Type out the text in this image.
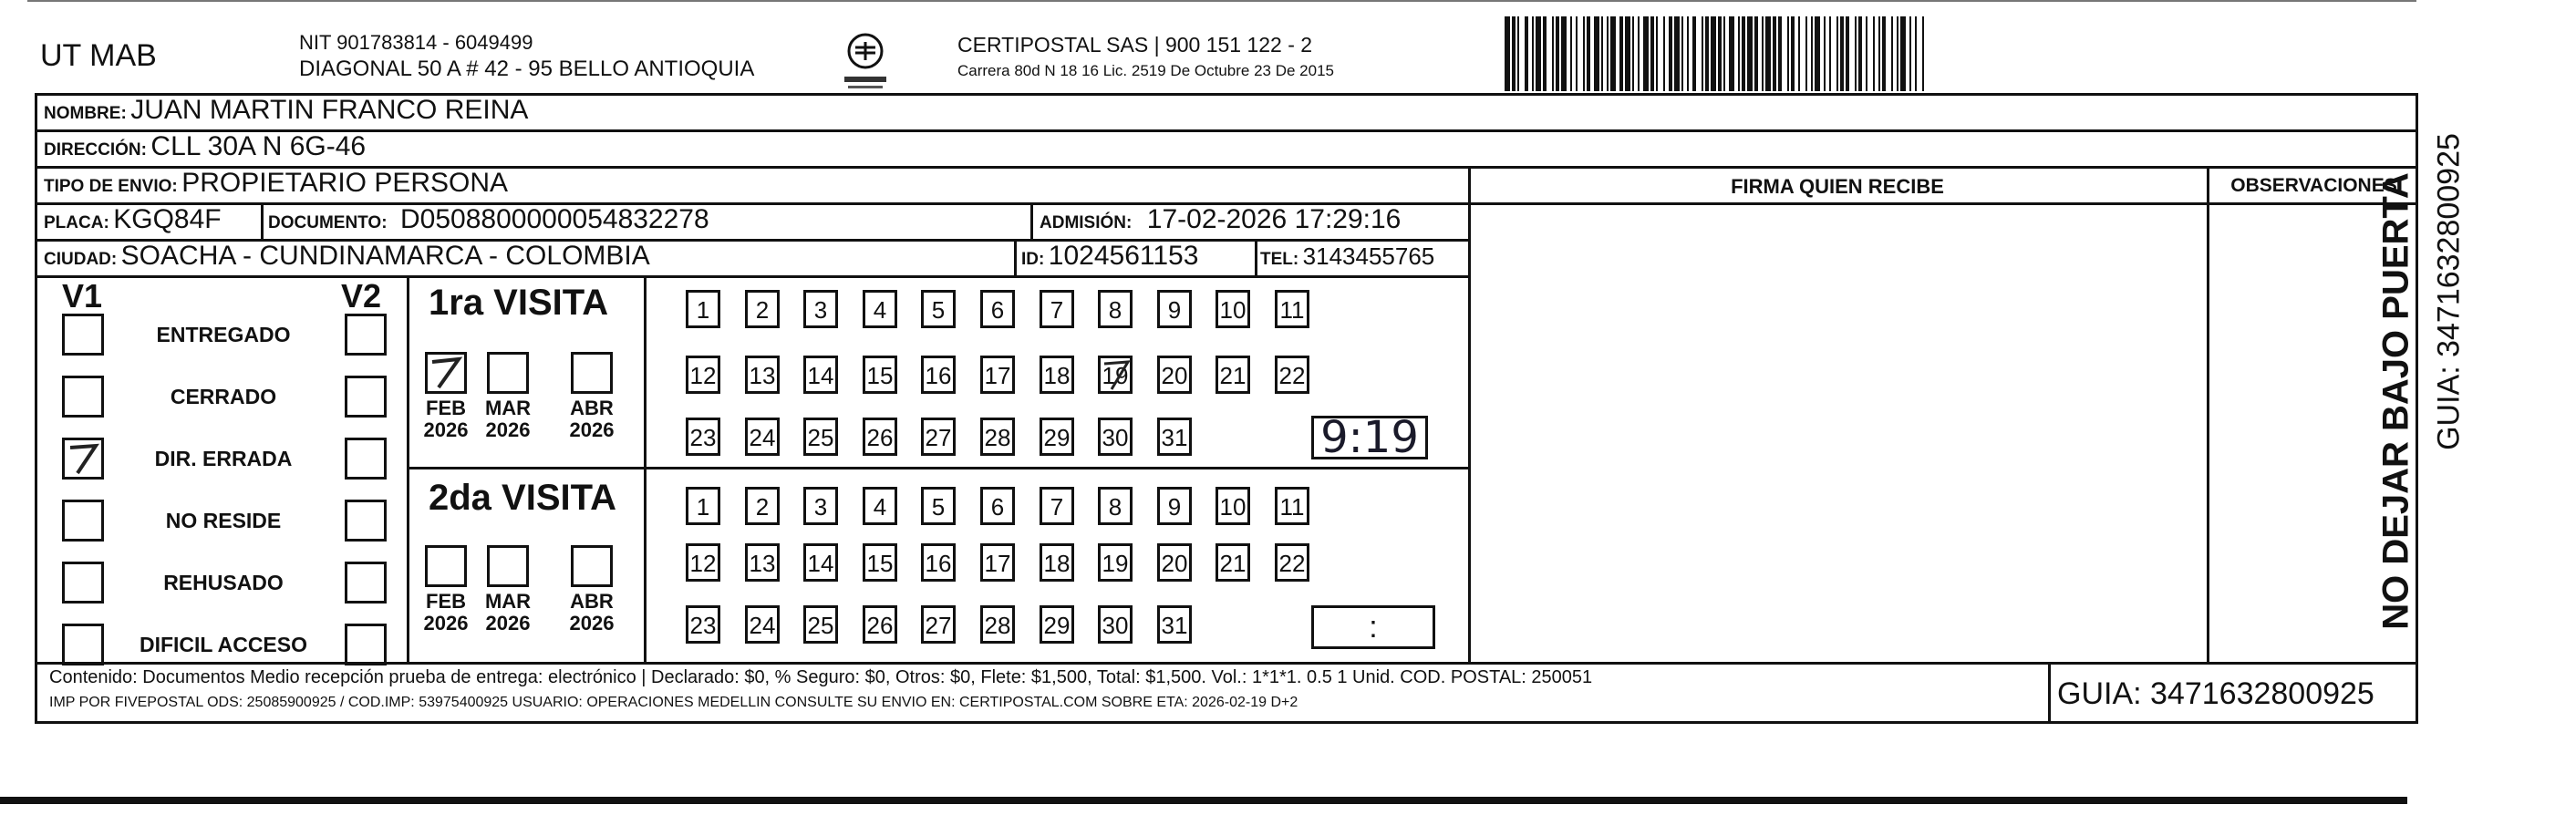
UT MAB	NIT 901783814 - 6049499
DIAGONAL 50 A # 42 - 95 BELLO ANTIOQUIA
CERTIPOSTAL SAS | 900 151 122 - 2
Carrera 80d N 18 16 Lic. 2519 De Octubre 23 De 2015
NOMBRE: JUAN MARTIN FRANCO REINA
DIRECCIÓN: CLL 30A N 6G-46
TIPO DE ENVIO: PROPIETARIO PERSONA	FIRMA QUIEN RECIBE	OBSERVACIONES
PLACA: KGQ84F	DOCUMENTO: D0508800000054832278	ADMISIÓN: 17-02-2026 17:29:16
CIUDAD: SOACHA - CUNDINAMARCA - COLOMBIA	ID: 1024561153	TEL: 3143455765
V1	V2
ENTREGADO
CERRADO
DIR. ERRADA
NO RESIDE
REHUSADO
DIFICIL ACCESO
1ra VISITA
FEB
2026
MAR
2026
ABR
2026
1	2	3	4	5	6	7	8	9	10 11
12 13 14 15 16 17 18 19 20 21 22
23 24 25 26 27 28 29 30 31	9:19
2da VISITA
FEB
2026
MAR
2026
ABR
2026
1	2	3	4	5	6	7	8	9	10 11
12 13 14 15 16 17 18 19 20 21 22
23 24 25 26 27 28 29 30 31	:	NO DEJAR BAJO PUERTA GUIA: 3471632800925
Contenido: Documentos Medio recepción prueba de entrega: electrónico | Declarado: $0, % Seguro: $0, Otros: $0, Flete: $1,500, Total: $1,500. Vol.: 1*1*1. 0.5 1 Unid. COD. POSTAL: 250051
IMP POR FIVEPOSTAL ODS: 25085900925 / COD.IMP: 53975400925 USUARIO: OPERACIONES MEDELLIN CONSULTE SU ENVIO EN: CERTIPOSTAL.COM SOBRE ETA: 2026-02-19 D+2	GUIA: 3471632800925
